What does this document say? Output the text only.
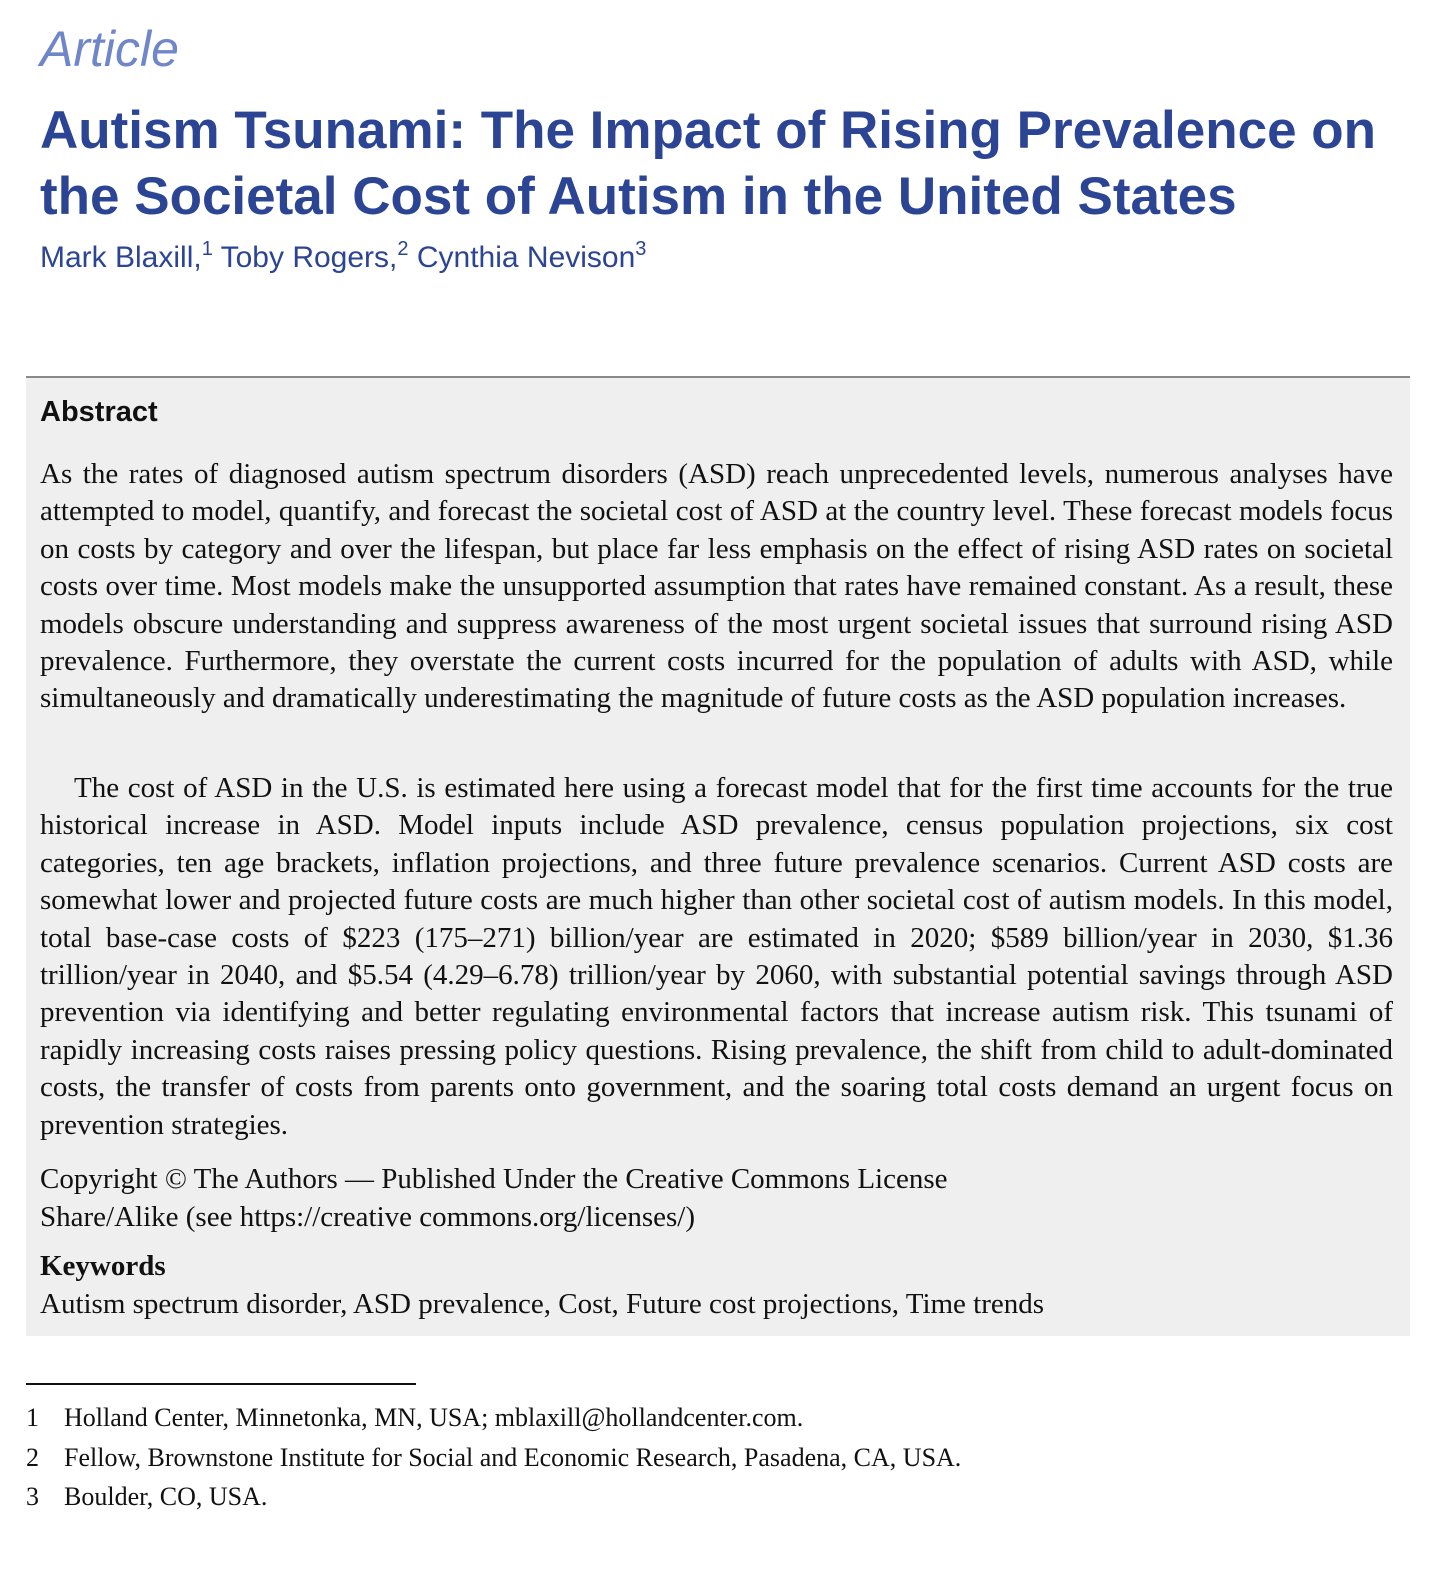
Article
Autism Tsunami: The Impact of Rising Prevalence on the Societal Cost of Autism in the United States
Mark Blaxill,$^1$ Toby Rogers,$^2$ Cynthia Nevison$^3$
Abstract

As the rates of diagnosed autism spectrum disorders (ASD) reach unprecedented levels, numerous analyses have attempted to model, quantify, and forecast the societal cost of ASD at the country level. These forecast models focus on costs by category and over the lifespan, but place far less emphasis on the effect of rising ASD rates on societal costs over time. Most models make the unsupported assumption that rates have remained constant. As a result, these models obscure understanding and suppress awareness of the most urgent societal issues that surround rising ASD prevalence. Furthermore, they overstate the current costs incurred for the population of adults with ASD, while simultaneously and dramatically underestimating the magnitude of future costs as the ASD population increases.

The cost of ASD in the U.S. is estimated here using a forecast model that for the first time accounts for the true historical increase in ASD. Model inputs include ASD prevalence, census population projections, six cost categories, ten age brackets, inflation projections, and three future prevalence scenarios. Current ASD costs are somewhat lower and projected future costs are much higher than other societal cost of autism models. In this model, total base-case costs of $223 (175–271) billion/year are estimated in 2020; $589 billion/year in 2030, $1.36 trillion/year in 2040, and $5.54 (4.29–6.78) trillion/year by 2060, with substantial potential savings through ASD prevention via identifying and better regulating environmental factors that increase autism risk. This tsunami of rapidly increasing costs raises pressing policy questions. Rising prevalence, the shift from child to adult-dominated costs, the transfer of costs from parents onto government, and the soaring total costs demand an urgent focus on prevention strategies.

Copyright © The Authors — Published Under the Creative Commons License
Share/Alike (see https://creative commons.org/licenses/)
Keywords
Autism spectrum disorder, ASD prevalence, Cost, Future cost projections, Time trends
1 Holland Center, Minnetonka, MN, USA; mblaxill@hollandcenter.com.
2 Fellow, Brownstone Institute for Social and Economic Research, Pasadena, CA, USA.
3 Boulder, CO, USA.
